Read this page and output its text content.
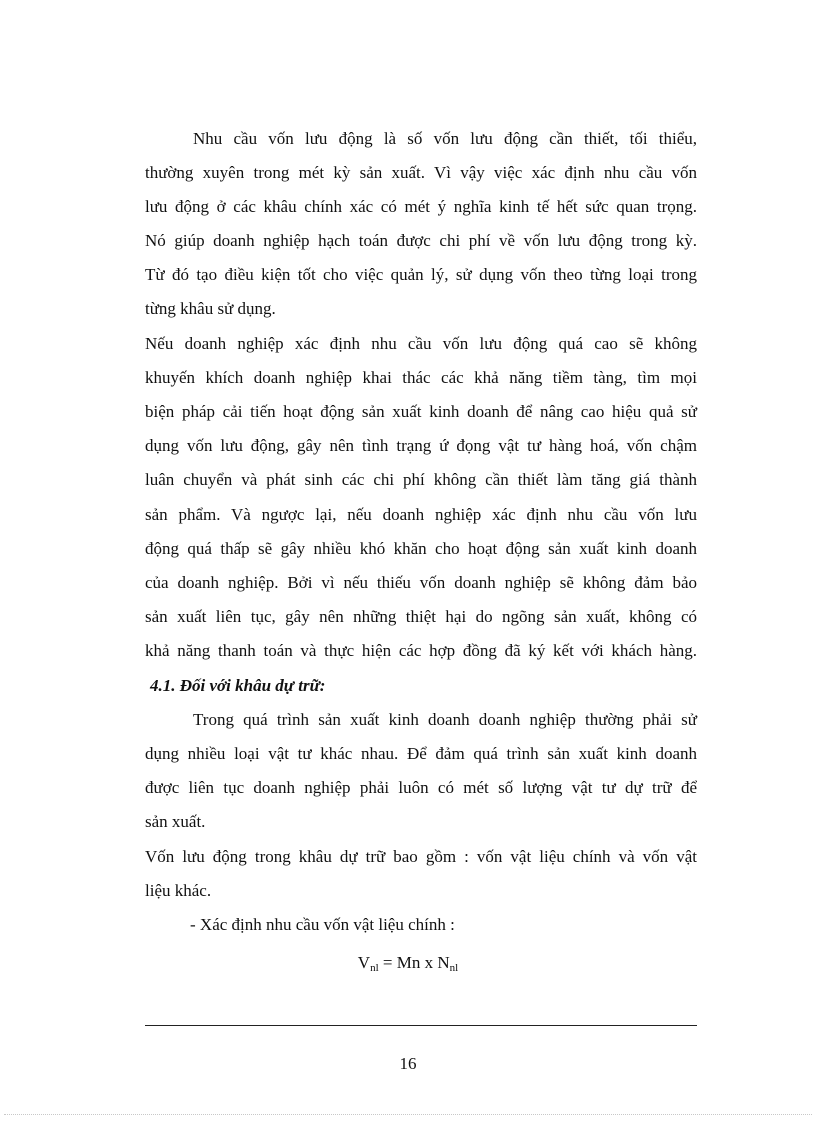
Nhu cầu vốn lưu động là số vốn lưu động cần thiết, tối thiểu,
thường xuyên trong mét kỳ sản xuất. Vì vậy việc xác định nhu cầu vốn
lưu động ở các khâu chính xác có mét ý nghĩa kinh tế hết sức quan trọng.
Nó giúp doanh nghiệp hạch toán được chi phí về vốn lưu động trong kỳ.
Từ đó tạo điều kiện tốt cho việc quản lý, sử dụng vốn theo từng loại trong
từng khâu sử dụng.
Nếu doanh nghiệp xác định nhu cầu vốn lưu động quá cao sẽ không
khuyến khích doanh nghiệp khai thác các khả năng tiềm tàng, tìm mọi
biện pháp cải tiến hoạt động sản xuất kinh doanh để nâng cao hiệu quả sử
dụng vốn lưu động, gây nên tình trạng ứ đọng vật tư hàng hoá, vốn chậm
luân chuyển và phát sinh các chi phí không cần thiết làm tăng giá thành
sản phẩm. Và ngược lại, nếu doanh nghiệp xác định nhu cầu vốn lưu
động quá thấp sẽ gây nhiều khó khăn cho hoạt động sản xuất kinh doanh
của doanh nghiệp. Bởi vì nếu thiếu vốn doanh nghiệp sẽ không đảm bảo
sản xuất liên tục, gây nên những thiệt hại do ngõng sản xuất, không có
khả năng thanh toán và thực hiện các hợp đồng đã ký kết với khách hàng.
4.1. Đối với khâu dự trữ:
Trong quá trình sản xuất kinh doanh doanh nghiệp thường phải sử
dụng nhiều loại vật tư khác nhau. Để đảm quá trình sản xuất kinh doanh
được liên tục doanh nghiệp phải luôn có mét số lượng vật tư dự trữ để
sản xuất.
Vốn lưu động trong khâu dự trữ bao gồm : vốn vật liệu chính và vốn vật
liệu khác.
- Xác định nhu cầu vốn vật liệu chính :
$V_{nl} = Mn$ x $N_{nl}$
16
